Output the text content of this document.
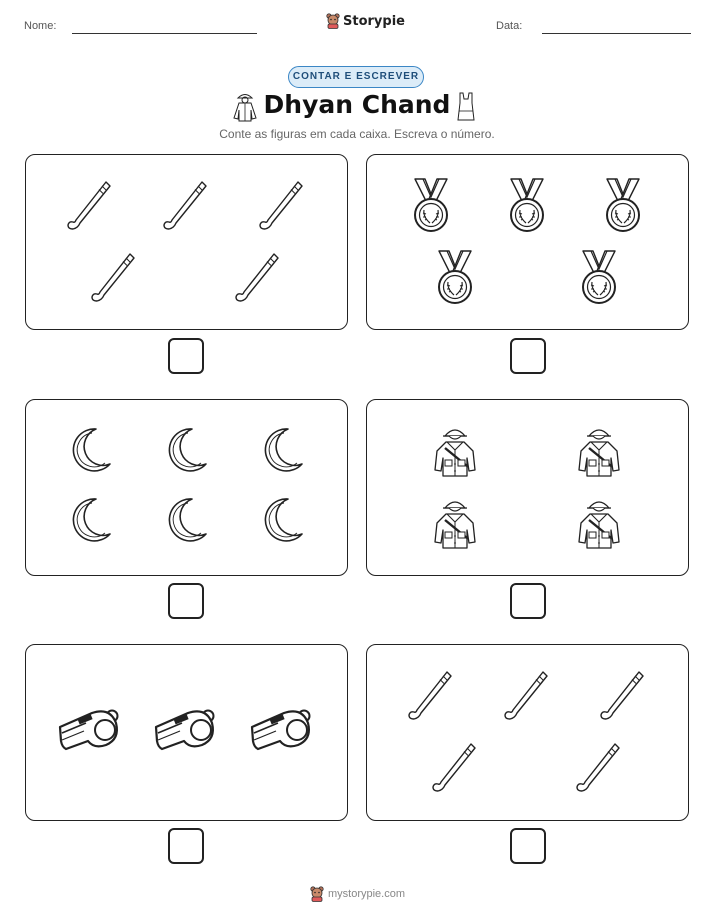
Nome:	Storypie	Data:
CONTAR E ESCREVER
Dhyan Chand
Conte as figuras em cada caixa. Escreva o número.
mystorypie.com
